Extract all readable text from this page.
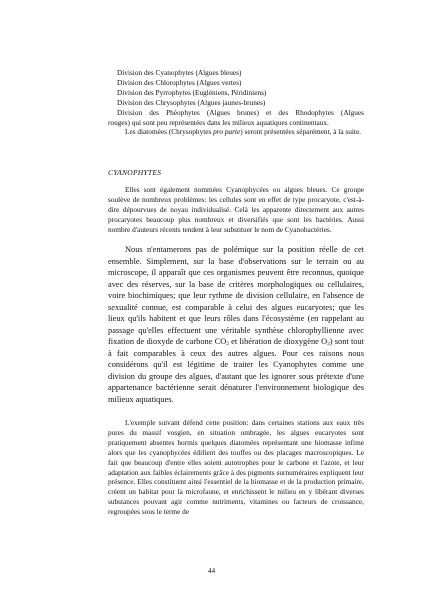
Division des Cyanophytes (Algues bleues)
Division des Chlorophytes (Algues vertes)
Division des Pyrrophytes (Eugléniens, Péridiniens)
Division des Chrysophytes (Algues jaunes-brunes)
Division des Phéophytes (Algues brunes) et des Rhodophytes (Algues
rouges) qui sont peu représentées dans les milieux aquatiques continentaux.

Les diatomées (Chrysophytes pro parte) seront présentées séparément, à la suite.

CYANOPHYTES

Elles sont également nommées Cyanophycées ou algues bleues. Ce groupe soulève de nombreux problèmes: les cellules sont en effet de type procaryote, c'est-à-dire dépourvues de noyau individualisé. Celà les apparente directement aux autres procaryotes beaucoup plus nombreux et diversifiés que sont les bactéries. Aussi nombre d'auteurs récents tendent à leur substituer le nom de Cyanobactéries.

Nous n'entamerons pas de polémique sur la position réelle de cet ensemble. Simplement, sur la base d'observations sur le terrain ou au microscope, il apparaît que ces organismes peuvent être reconnus, quoique avec des réserves, sur la base de critères morphologiques ou cellulaires, voire biochimiques; que leur rythme de division cellulaire, en l'absence de sexualité connue, est comparable à celui des algues eucaryotes; que les lieux qu'ils habitent et que leurs rôles dans l'écosystème (en rappelant au passage qu'elles effectuent une véritable synthèse chlorophyllienne avec fixation de dioxyde de carbone $CO_2$ et libération de dioxygène $O_2$) sont tout à fait comparables à ceux des autres algues. Pour ces raisons nous considérons qu'il est légitime de traiter les Cyanophytes comme une division du groupe des algues, d'autant que les ignorer sous prétexte d'une appartenance bactérienne serait dénaturer l'environnement biologique des milieux aquatiques.

L'exemple suivant défend cette position: dans certaines stations aux eaux très pures du massif vosgien, en situation ombragée, les algues eucaryotes sont pratiquement absentes hormis quelques diatomées représentant une biomasse infime alors que les cyanophycées édifient des touffes ou des placages macroscopiques. Le fait que beaucoup d'entre elles soient autotrophes pour le carbone et l'azote, et leur adaptation aux faibles éclairements grâce à des pigments surnuméraires expliquent leur présence. Elles constituent ainsi l'essentiel de la biomasse et de la production primaire, créent un habitat pour la microfaune, et enrichissent le milieu en y libérant diverses substances pouvant agir comme nutriments, vitamines ou facteurs de croissance, regroupées sous le terme de

44
